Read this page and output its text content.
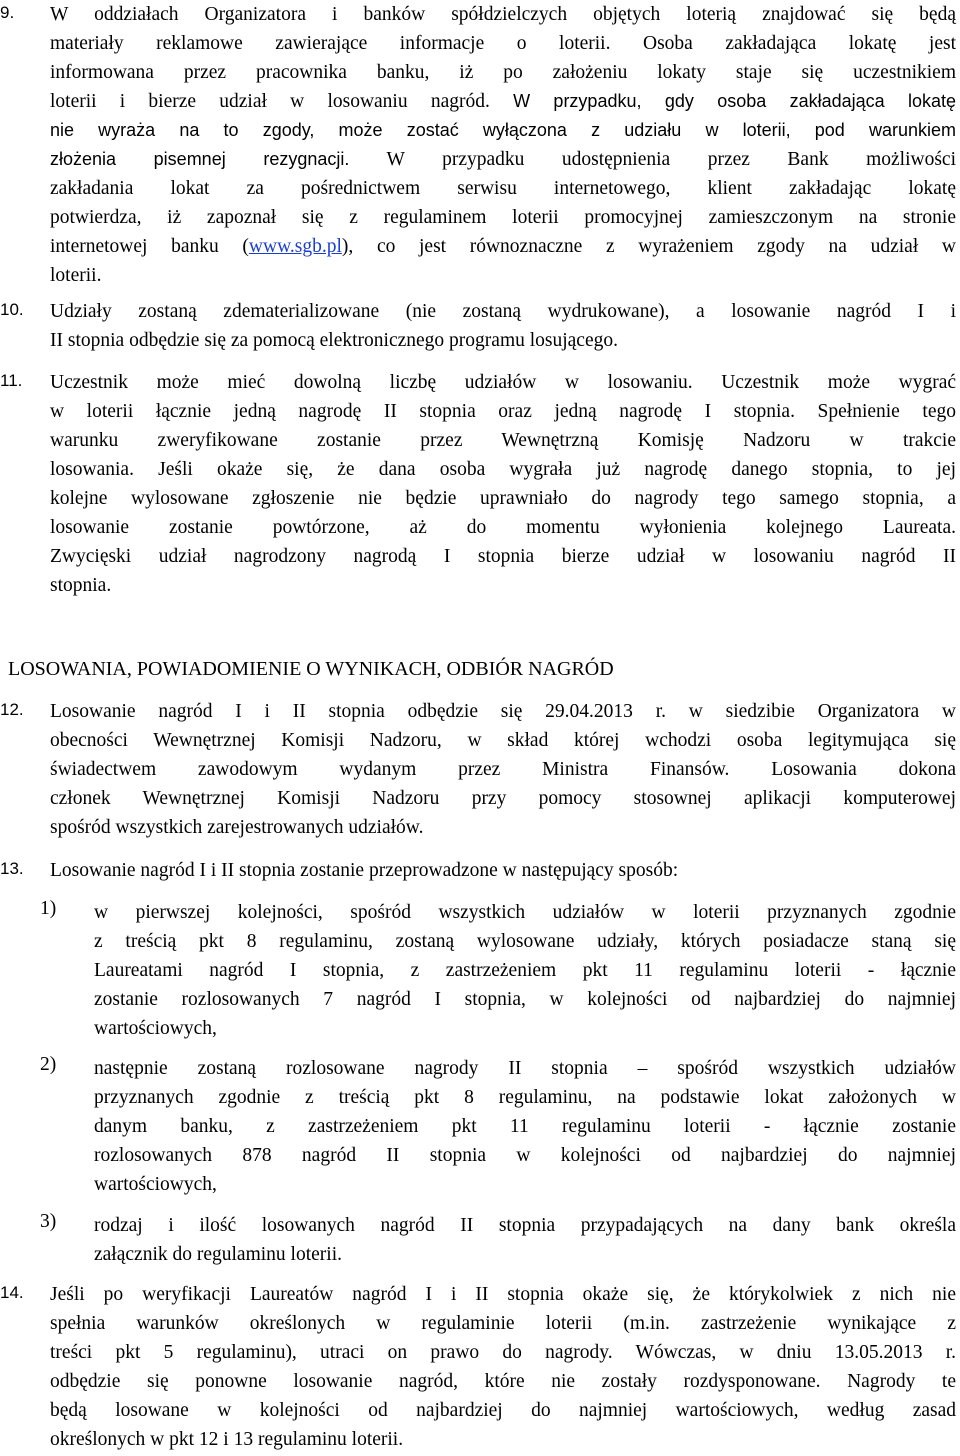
9. W oddziałach Organizatora i banków spółdzielczych objętych loterią znajdować się będą
materiały reklamowe zawierające informacje o loterii. Osoba zakładająca lokatę jest
informowana przez pracownika banku, iż po założeniu lokaty staje się uczestnikiem
loterii i bierze udział w losowaniu nagród. W przypadku, gdy osoba zakładająca lokatę
nie wyraża na to zgody, może zostać wyłączona z udziału w loterii, pod warunkiem
złożenia pisemnej rezygnacji. W przypadku udostępnienia przez Bank możliwości
zakładania lokat za pośrednictwem serwisu internetowego, klient zakładając lokatę
potwierdza, iż zapoznał się z regulaminem loterii promocyjnej zamieszczonym na stronie
internetowej banku (www.sgb.pl), co jest równoznaczne z wyrażeniem zgody na udział w
loterii.
10. Udziały zostaną zdematerializowane (nie zostaną wydrukowane), a losowanie nagród I i
II stopnia odbędzie się za pomocą elektronicznego programu losującego.
11. Uczestnik może mieć dowolną liczbę udziałów w losowaniu. Uczestnik może wygrać
w loterii łącznie jedną nagrodę II stopnia oraz jedną nagrodę I stopnia. Spełnienie tego
warunku zweryfikowane zostanie przez Wewnętrzną Komisję Nadzoru w trakcie
losowania. Jeśli okaże się, że dana osoba wygrała już nagrodę danego stopnia, to jej
kolejne wylosowane zgłoszenie nie będzie uprawniało do nagrody tego samego stopnia, a
losowanie zostanie powtórzone, aż do momentu wyłonienia kolejnego Laureata.
Zwycięski udział nagrodzony nagrodą I stopnia bierze udział w losowaniu nagród II
stopnia.
LOSOWANIA, POWIADOMIENIE O WYNIKACH, ODBIÓR NAGRÓD
12. Losowanie nagród I i II stopnia odbędzie się 29.04.2013 r. w siedzibie Organizatora w
obecności Wewnętrznej Komisji Nadzoru, w skład której wchodzi osoba legitymująca się
świadectwem zawodowym wydanym przez Ministra Finansów. Losowania dokona
członek Wewnętrznej Komisji Nadzoru przy pomocy stosownej aplikacji komputerowej
spośród wszystkich zarejestrowanych udziałów.
13. Losowanie nagród I i II stopnia zostanie przeprowadzone w następujący sposób:
1) w pierwszej kolejności, spośród wszystkich udziałów w loterii przyznanych zgodnie
z treścią pkt 8 regulaminu, zostaną wylosowane udziały, których posiadacze staną się
Laureatami nagród I stopnia, z zastrzeżeniem pkt 11 regulaminu loterii - łącznie
zostanie rozlosowanych 7 nagród I stopnia, w kolejności od najbardziej do najmniej
wartościowych,
2) następnie zostaną rozlosowane nagrody II stopnia – spośród wszystkich udziałów
przyznanych zgodnie z treścią pkt 8 regulaminu, na podstawie lokat założonych w
danym banku, z zastrzeżeniem pkt 11 regulaminu loterii - łącznie zostanie
rozlosowanych 878 nagród II stopnia w kolejności od najbardziej do najmniej
wartościowych,
3) rodzaj i ilość losowanych nagród II stopnia przypadających na dany bank określa
załącznik do regulaminu loterii.
14. Jeśli po weryfikacji Laureatów nagród I i II stopnia okaże się, że którykolwiek z nich nie
spełnia warunków określonych w regulaminie loterii (m.in. zastrzeżenie wynikające z
treści pkt 5 regulaminu), utraci on prawo do nagrody. Wówczas, w dniu 13.05.2013 r.
odbędzie się ponowne losowanie nagród, które nie zostały rozdysponowane. Nagrody te
będą losowane w kolejności od najbardziej do najmniej wartościowych, według zasad
określonych w pkt 12 i 13 regulaminu loterii.
